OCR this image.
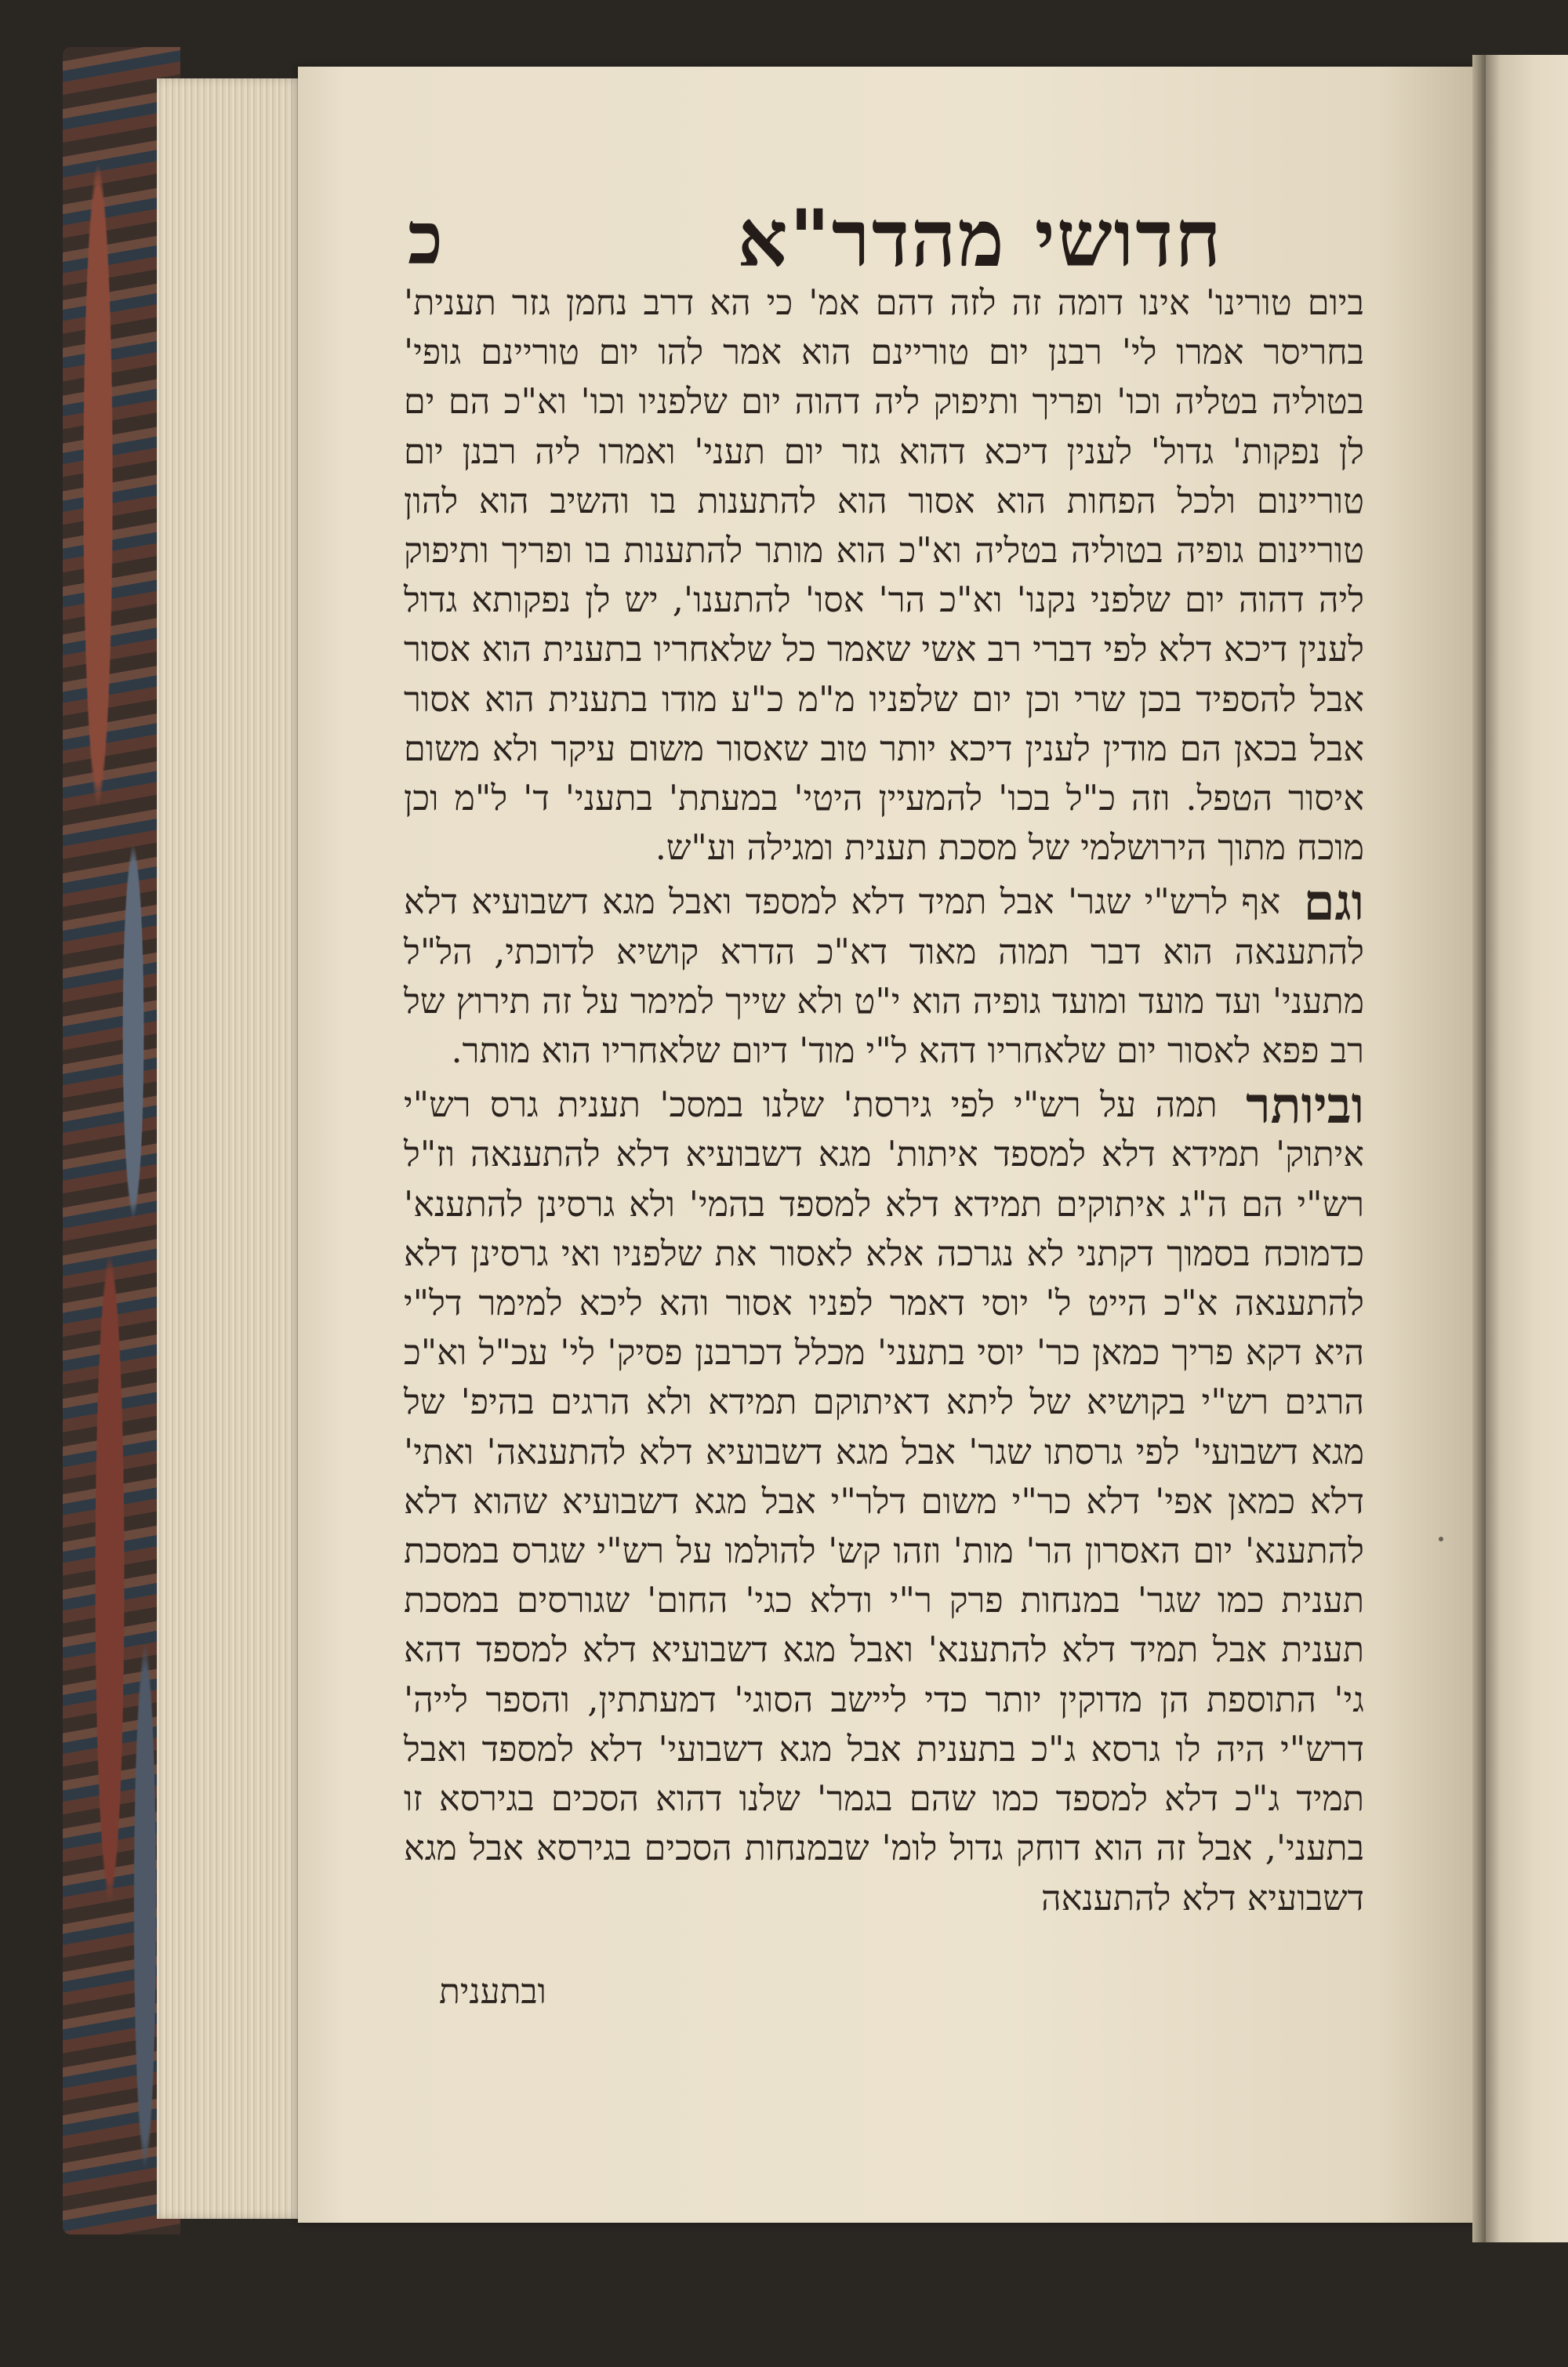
כ	חדושי מהדר"א

ביום טורינו' אינו דומה זה לזה דהם אמ' כי הא דרב נחמן גזר תענית' בחריסר אמרו לי' רבנן יום טוריינם הוא אמר להו יום טוריינם גופי' בטוליה בטליה וכו' ופריך ותיפוק ליה דהוה יום שלפניו וכו' וא"כ הם ים לן נפקות' גדול' לענין דיכא דהוא גזר יום תעני' ואמרו ליה רבנן יום טוריינום ולכל הפחות הוא אסור הוא להתענות בו והשיב הוא להון טוריינום גופיה בטוליה בטליה וא"כ הוא מותר להתענות בו ופריך ותיפוק ליה דהוה יום שלפני נקנו' וא"כ הר' אסו' להתענו', יש לן נפקותא גדול לענין דיכא דלא לפי דברי רב אשי שאמר כל שלאחריו בתענית הוא אסור אבל להספיד בכן שרי וכן יום שלפניו מ"מ כ"ע מודו בתענית הוא אסור אבל בכאן הם מודין לענין דיכא יותר טוב שאסור משום עיקר ולא משום איסור הטפל. וזה כ"ל בכו' להמעיין היטי' במעתת' בתעני' ד' ל"מ וכן מוכח מתוך הירושלמי של מסכת תענית ומגילה וע"ש.

וגם אף לרש"י שגר' אבל תמיד דלא למספד ואבל מגא דשבועיא דלא להתענאה הוא דבר תמוה מאוד דא"כ הדרא קושיא לדוכתי, הל"ל מתעני' ועד מועד ומועד גופיה הוא י"ט ולא שייך למימר על זה תירוץ של רב פפא לאסור יום שלאחריו דהא ל"י מוד' דיום שלאחריו הוא מותר.

וביותר תמה על רש"י לפי גירסת' שלנו במסכ' תענית גרס רש"י איתוק' תמידא דלא למספד איתות' מגא דשבועיא דלא להתענאה וז"ל רש"י הם ה"ג איתוקים תמידא דלא למספד בהמי' ולא גרסינן להתענא' כדמוכח בסמוך דקתני לא נגרכה אלא לאסור את שלפניו ואי גרסינן דלא להתענאה א"כ הייט ל' יוסי דאמר לפניו אסור והא ליכא למימר דל"י היא דקא פריך כמאן כר' יוסי בתעני' מכלל דכרבנן פסיק' לי' עכ"ל וא"כ הרגים רש"י בקושיא של ליתא דאיתוקם תמידא ולא הרגים בהיפ' של מגא דשבועי' לפי גרסתו שגר' אבל מגא דשבועיא דלא להתענאה' ואתי' דלא כמאן אפי' דלא כר"י משום דלר"י אבל מגא דשבועיא שהוא דלא להתענא' יום האסרון הר' מות' וזהו קש' להולמו על רש"י שגרס במסכת תענית כמו שגר' במנחות פרק ר"י ודלא כגי' החום' שגורסים במסכת תענית אבל תמיד דלא להתענא' ואבל מגא דשבועיא דלא למספד דהא גי' התוספת הן מדוקין יותר כדי ליישב הסוגי' דמעתתין, והספר לייה' דרש"י היה לו גרסא ג"כ בתענית אבל מגא דשבועי' דלא למספד ואבל תמיד ג"כ דלא למספד כמו שהם בגמר' שלנו דהוא הסכים בגירסא זו בתעני', אבל זה הוא דוחק גדול לומ' שבמנחות הסכים בגירסא אבל מגא דשבועיא דלא להתענאה

ובתענית
